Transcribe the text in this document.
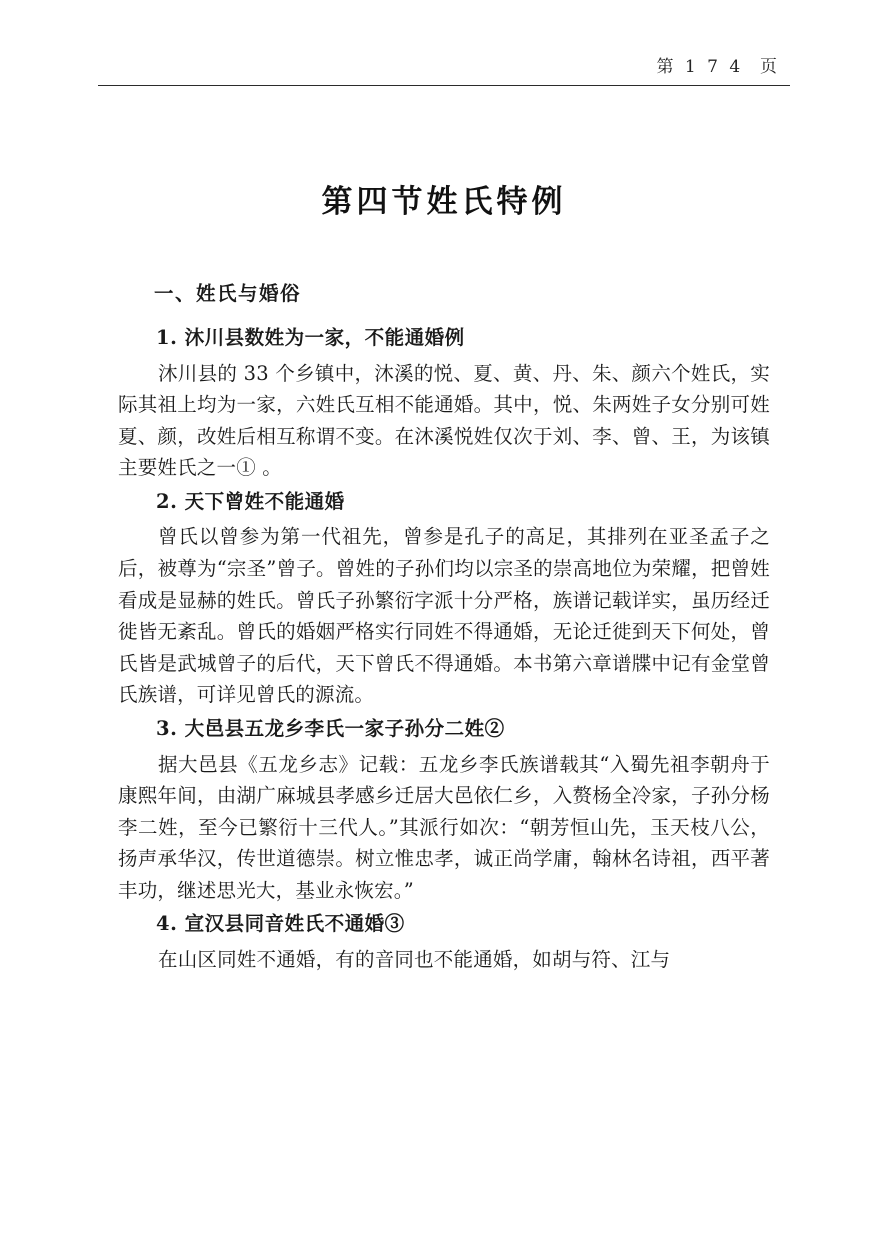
第 1 7 4  页
第四节姓氏特例

一、姓氏与婚俗

1. 沐川县数姓为一家，不能通婚例

沐川县的 33 个乡镇中，沐溪的悦、夏、黄、丹、朱、颜六个姓氏，实际其祖上均为一家，六姓氏互相不能通婚。其中，悦、朱两姓子女分别可姓夏、颜，改姓后相互称谓不变。在沐溪悦姓仅次于刘、李、曾、王，为该镇主要姓氏之一① 。

2. 天下曾姓不能通婚

曾氏以曾参为第一代祖先，曾参是孔子的高足，其排列在亚圣孟子之后，被尊为“宗圣”曾子。曾姓的子孙们均以宗圣的崇高地位为荣耀，把曾姓看成是显赫的姓氏。曾氏子孙繁衍字派十分严格，族谱记载详实，虽历经迁徙皆无紊乱。曾氏的婚姻严格实行同姓不得通婚，无论迁徙到天下何处，曾氏皆是武城曾子的后代，天下曾氏不得通婚。本书第六章谱牒中记有金堂曾氏族谱，可详见曾氏的源流。

3. 大邑县五龙乡李氏一家子孙分二姓②

据大邑县《五龙乡志》记载：五龙乡李氏族谱载其“入蜀先祖李朝舟于康熙年间，由湖广麻城县孝感乡迁居大邑依仁乡，入赘杨全冷家，子孙分杨李二姓，至今已繁衍十三代人。”其派行如次：“朝芳恒山先，玉天枝八公，扬声承华汉，传世道德崇。树立惟忠孝，诚正尚学庸，翰林名诗祖，西平著丰功，继述思光大，基业永恢宏。”

4. 宣汉县同音姓氏不通婚③

在山区同姓不通婚，有的音同也不能通婚，如胡与符、江与
